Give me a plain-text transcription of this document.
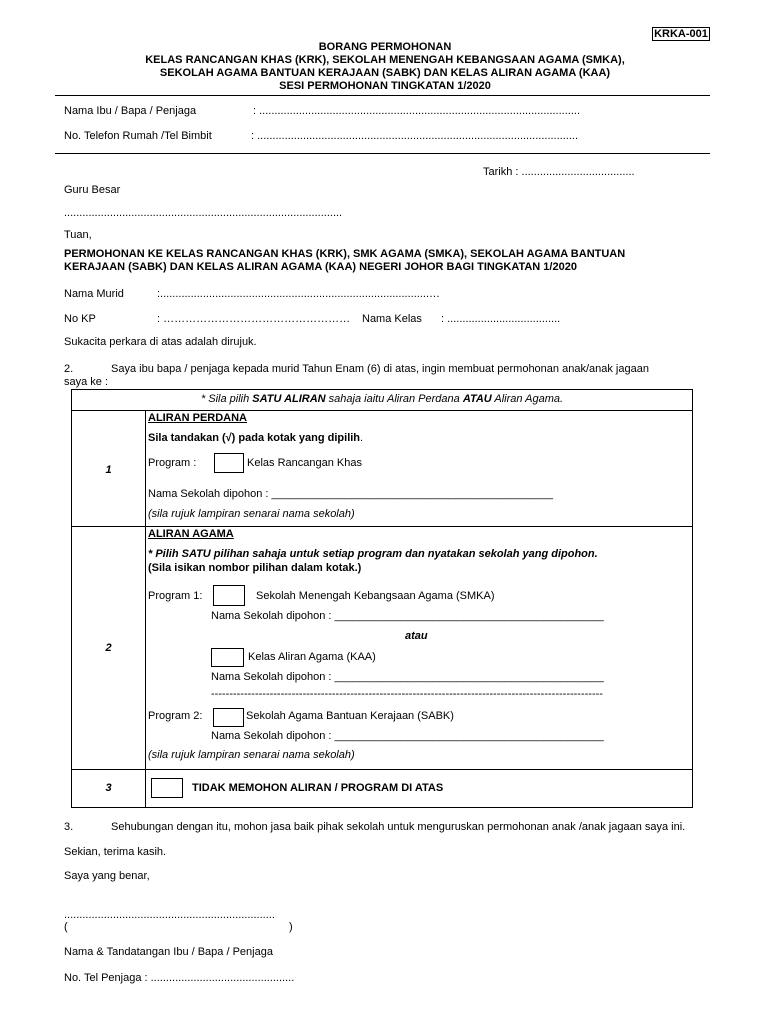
KRKA-001
BORANG PERMOHONAN
KELAS RANCANGAN KHAS (KRK), SEKOLAH MENENGAH KEBANGSAAN AGAMA (SMKA),
SEKOLAH AGAMA BANTUAN KERAJAAN (SABK) DAN KELAS ALIRAN AGAMA (KAA)
SESI PERMOHONAN TINGKATAN 1/2020
Nama Ibu / Bapa / Penjaga	: .........................................................................................................
No. Telefon Rumah /Tel Bimbit	: .........................................................................................................
Tarikh : .....................................
Guru Besar
...........................................................................................
Tuan,
PERMOHONAN KE KELAS RANCANGAN KHAS (KRK), SMK AGAMA (SMKA), SEKOLAH AGAMA BANTUAN
KERAJAAN (SABK) DAN KELAS ALIRAN AGAMA (KAA) NEGERI JOHOR BAGI TINGKATAN 1/2020
Nama Murid	:........................................................................................…
No KP	: …………………………………………… Nama Kelas : .....................................
Sukacita perkara di atas adalah dirujuk.
2.	Saya ibu bapa / penjaga kepada murid Tahun Enam (6) di atas, ingin membuat permohonan anak/anak jagaan
saya ke :
* Sila pilih SATU ALIRAN sahaja iaitu Aliran Perdana ATAU Aliran Agama.
1
ALIRAN PERDANA
Sila tandakan (√) pada kotak yang dipilih.
Program :	Kelas Rancangan Khas
Nama Sekolah dipohon : ______________________________________________
(sila rujuk lampiran senarai nama sekolah)
2
ALIRAN AGAMA
* Pilih SATU pilihan sahaja untuk setiap program dan nyatakan sekolah yang dipohon.
(Sila isikan nombor pilihan dalam kotak.)
Program 1:	Sekolah Menengah Kebangsaan Agama (SMKA)
Nama Sekolah dipohon : ____________________________________________
atau
Kelas Aliran Agama (KAA)
Nama Sekolah dipohon : ____________________________________________
-----------------------------------------------------------------------------------------------------------
Program 2:	Sekolah Agama Bantuan Kerajaan (SABK)
Nama Sekolah dipohon : ____________________________________________
(sila rujuk lampiran senarai nama sekolah)
3	TIDAK MEMOHON ALIRAN / PROGRAM DI ATAS
3.	Sehubungan dengan itu, mohon jasa baik pihak sekolah untuk menguruskan permohonan anak /anak jagaan saya ini.
Sekian, terima kasih.
Saya yang benar,
.....................................................................
(	)
Nama & Tandatangan Ibu / Bapa / Penjaga
No. Tel Penjaga : ...............................................
